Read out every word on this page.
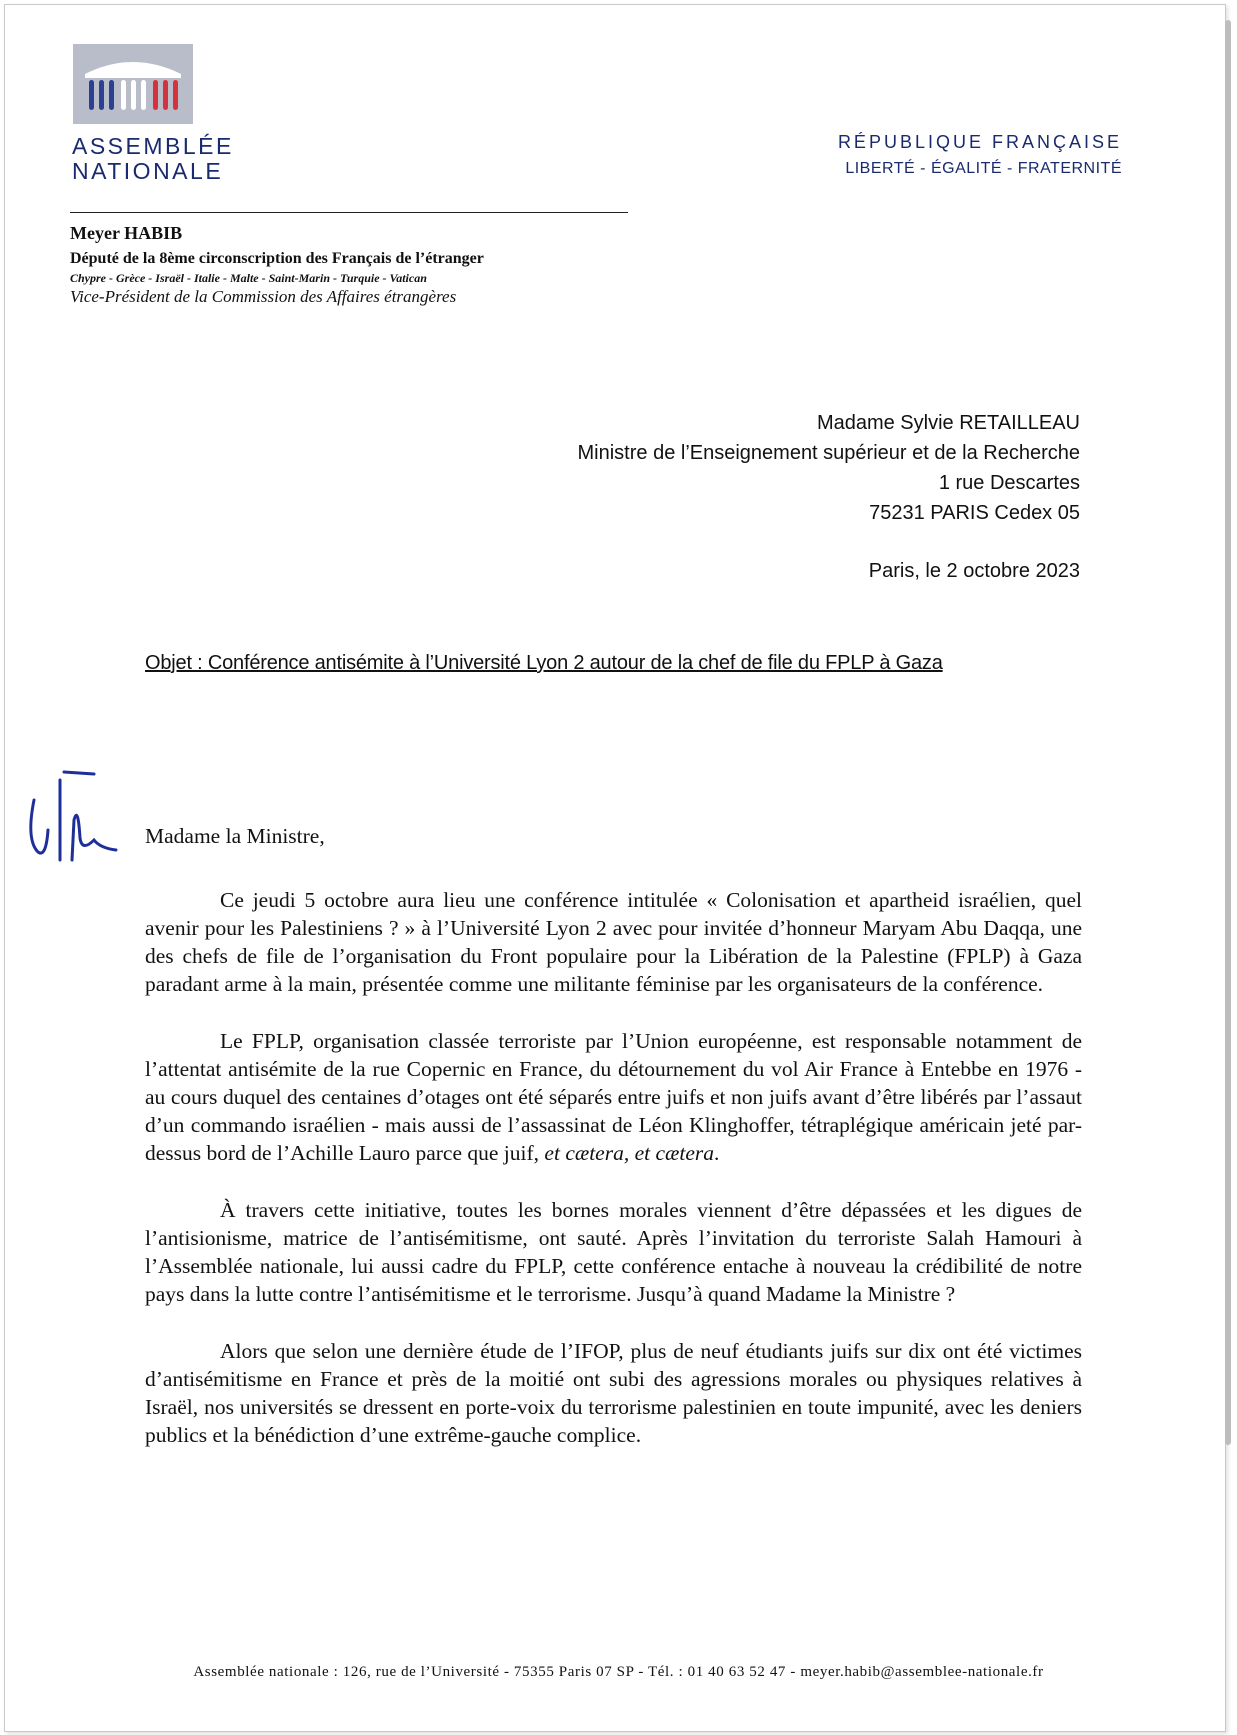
ASSEMBLÉE
NATIONALE
RÉPUBLIQUE FRANÇAISE
LIBERTÉ - ÉGALITÉ - FRATERNITÉ
Meyer HABIB
Député de la 8ème circonscription des Français de l’étranger
Chypre - Grèce - Israël - Italie - Malte - Saint-Marin - Turquie - Vatican
Vice-Président de la Commission des Affaires étrangères
Madame Sylvie RETAILLEAU
Ministre de l’Enseignement supérieur et de la Recherche
1 rue Descartes
75231 PARIS Cedex 05
Paris, le 2 octobre 2023
Objet : Conférence antisémite à l’Université Lyon 2 autour de la chef de file du FPLP à Gaza

Madame la Ministre,

Ce jeudi 5 octobre aura lieu une conférence intitulée « Colonisation et apartheid israélien, quel avenir pour les Palestiniens ? » à l’Université Lyon 2 avec pour invitée d’honneur Maryam Abu Daqqa, une des chefs de file de l’organisation du Front populaire pour la Libération de la Palestine (FPLP) à Gaza paradant arme à la main, présentée comme une militante féminise par les organisateurs de la conférence.

Le FPLP, organisation classée terroriste par l’Union européenne, est responsable notamment de l’attentat antisémite de la rue Copernic en France, du détournement du vol Air France à Entebbe en 1976 - au cours duquel des centaines d’otages ont été séparés entre juifs et non juifs avant d’être libérés par l’assaut d’un commando israélien - mais aussi de l’assassinat de Léon Klinghoffer, tétraplégique américain jeté par-dessus bord de l’Achille Lauro parce que juif, et cætera, et cætera.

À travers cette initiative, toutes les bornes morales viennent d’être dépassées et les digues de l’antisionisme, matrice de l’antisémitisme, ont sauté. Après l’invitation du terroriste Salah Hamouri à l’Assemblée nationale, lui aussi cadre du FPLP, cette conférence entache à nouveau la crédibilité de notre pays dans la lutte contre l’antisémitisme et le terrorisme. Jusqu’à quand Madame la Ministre ?

Alors que selon une dernière étude de l’IFOP, plus de neuf étudiants juifs sur dix ont été victimes d’antisémitisme en France et près de la moitié ont subi des agressions morales ou physiques relatives à Israël, nos universités se dressent en porte-voix du terrorisme palestinien en toute impunité, avec les deniers publics et la bénédiction d’une extrême-gauche complice.

Assemblée nationale : 126, rue de l’Université - 75355 Paris 07 SP - Tél. : 01 40 63 52 47 - meyer.habib@assemblee-nationale.fr
